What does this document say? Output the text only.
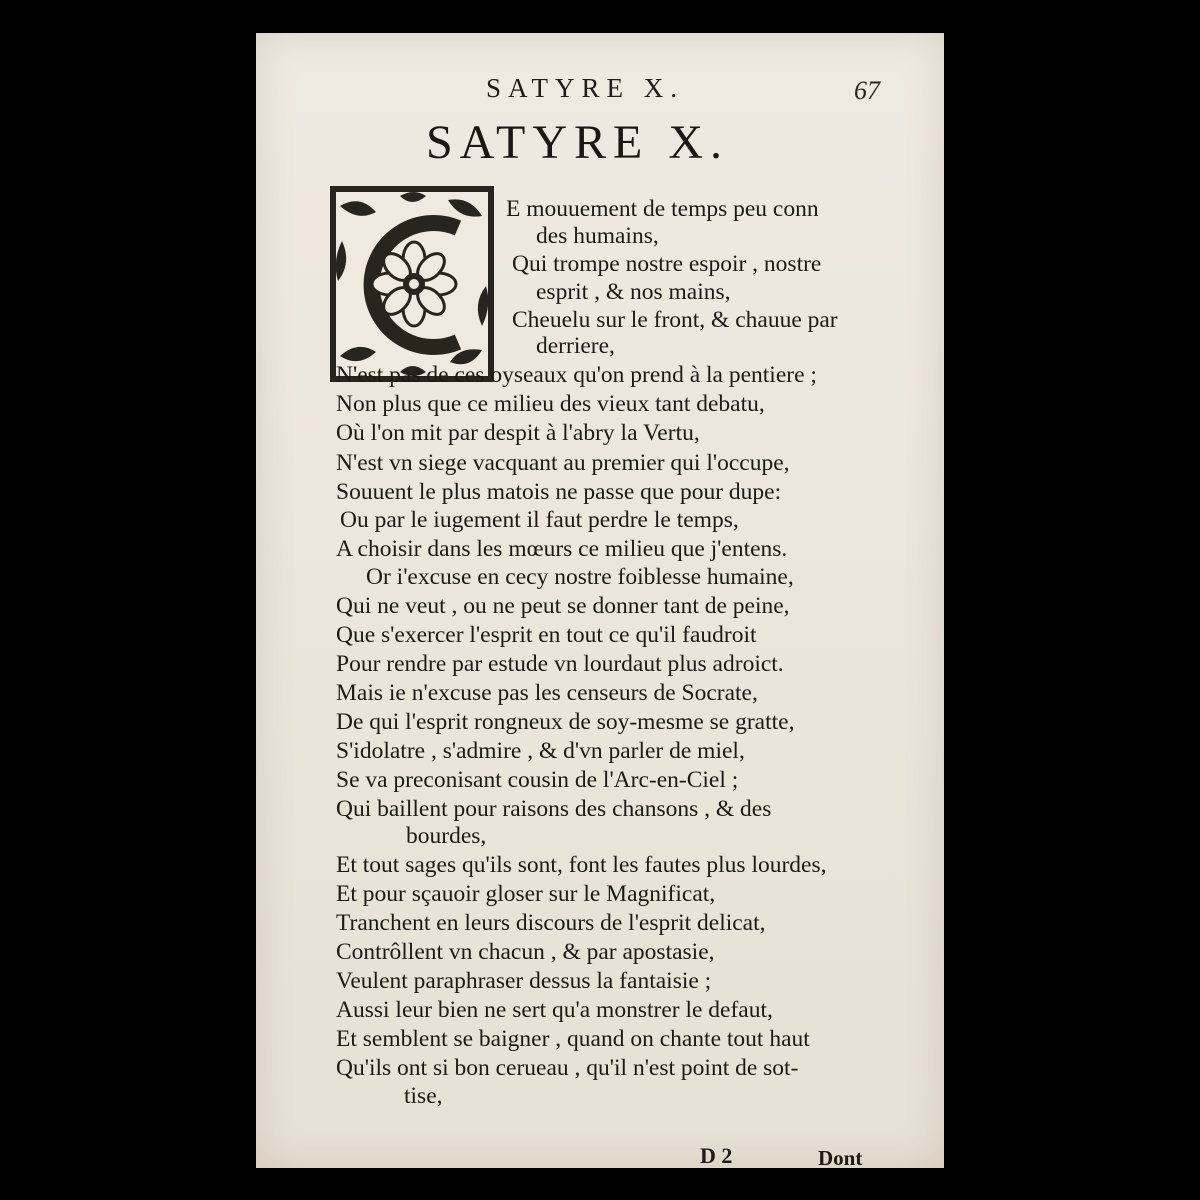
SATYRE X.	67
SATYRE X.
E mouuement de temps peu conn
des humains,
Qui trompe nostre espoir , nostre
esprit , & nos mains,
Cheuelu sur le front, & chauue par
derriere,
N'est pas de ces oyseaux qu'on prend à la pentiere ;
Non plus que ce milieu des vieux tant debatu,
Où l'on mit par despit à l'abry la Vertu,
N'est vn siege vacquant au premier qui l'occupe,
Souuent le plus matois ne passe que pour dupe:
Ou par le iugement il faut perdre le temps,
A choisir dans les mœurs ce milieu que j'entens.
Or i'excuse en cecy nostre foiblesse humaine,
Qui ne veut , ou ne peut se donner tant de peine,
Que s'exercer l'esprit en tout ce qu'il faudroit
Pour rendre par estude vn lourdaut plus adroict.
Mais ie n'excuse pas les censeurs de Socrate,
De qui l'esprit rongneux de soy-mesme se gratte,
S'idolatre , s'admire , & d'vn parler de miel,
Se va preconisant cousin de l'Arc-en-Ciel ;
Qui baillent pour raisons des chansons , & des
bourdes,
Et tout sages qu'ils sont, font les fautes plus lourdes,
Et pour sçauoir gloser sur le Magnificat,
Tranchent en leurs discours de l'esprit delicat,
Contrôllent vn chacun , & par apostasie,
Veulent paraphraser dessus la fantaisie ;
Aussi leur bien ne sert qu'a monstrer le defaut,
Et semblent se baigner , quand on chante tout haut
Qu'ils ont si bon cerueau , qu'il n'est point de sot-
tise,
D 2	Dont
